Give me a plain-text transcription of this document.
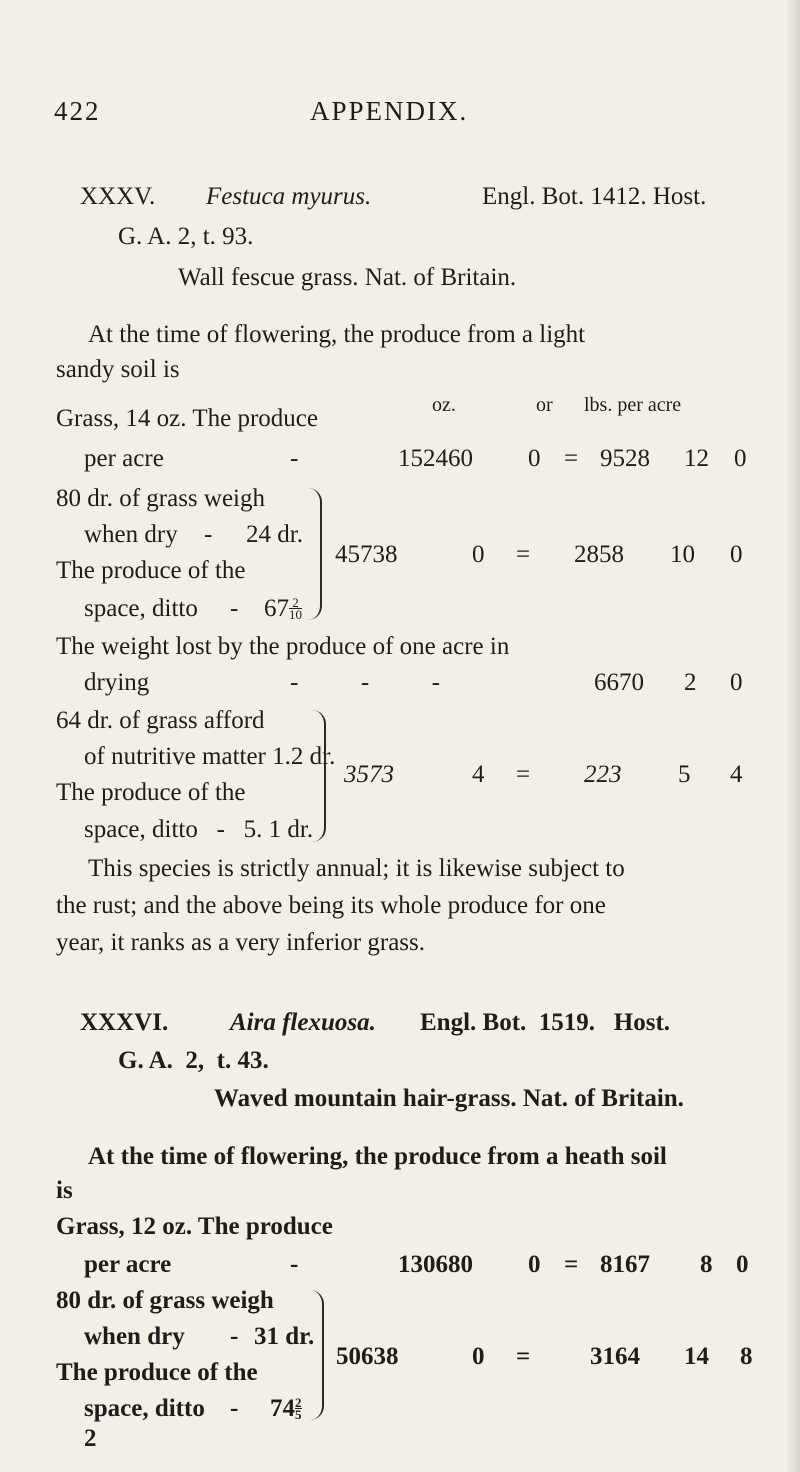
422	APPENDIX.
XXXV. Festuca myurus.	Engl. Bot. 1412. Host.
G. A. 2, t. 93.
Wall fescue grass. Nat. of Britain.
At the time of flowering, the produce from a light
sandy soil is
oz.	or lbs. per acre
Grass, 14 oz. The produce
per acre	-	152460 0 = 9528 12 0
80 dr. of grass weigh
when dry - 24 dr.
The produce of the
space, ditto - $67 \frac{2}{10}$
45738	0 = 2858 10 0
The weight lost by the produce of one acre in
drying	-          -          -	6670 2 0
64 dr. of grass afford
of nutritive matter 1.2 dr.
The produce of the
space, ditto   -   5. 1 dr.
3573	4 = 223 5 4
This species is strictly annual; it is likewise subject to
the rust; and the above being its whole produce for one
year, it ranks as a very inferior grass.
XXXVI. Aira flexuosa. Engl. Bot.  1519.   Host.
G. A.  2,  t. 43.
Waved mountain hair-grass. Nat. of Britain.
At the time of flowering, the produce from a heath soil
is
Grass, 12 oz. The produce
per acre	-	130680 0 = 8167 8 0
80 dr. of grass weigh
when dry - 31 dr.
The produce of the
space, ditto - $74 \frac{2}{5}$
50638	0 = 3164 14 8
2
